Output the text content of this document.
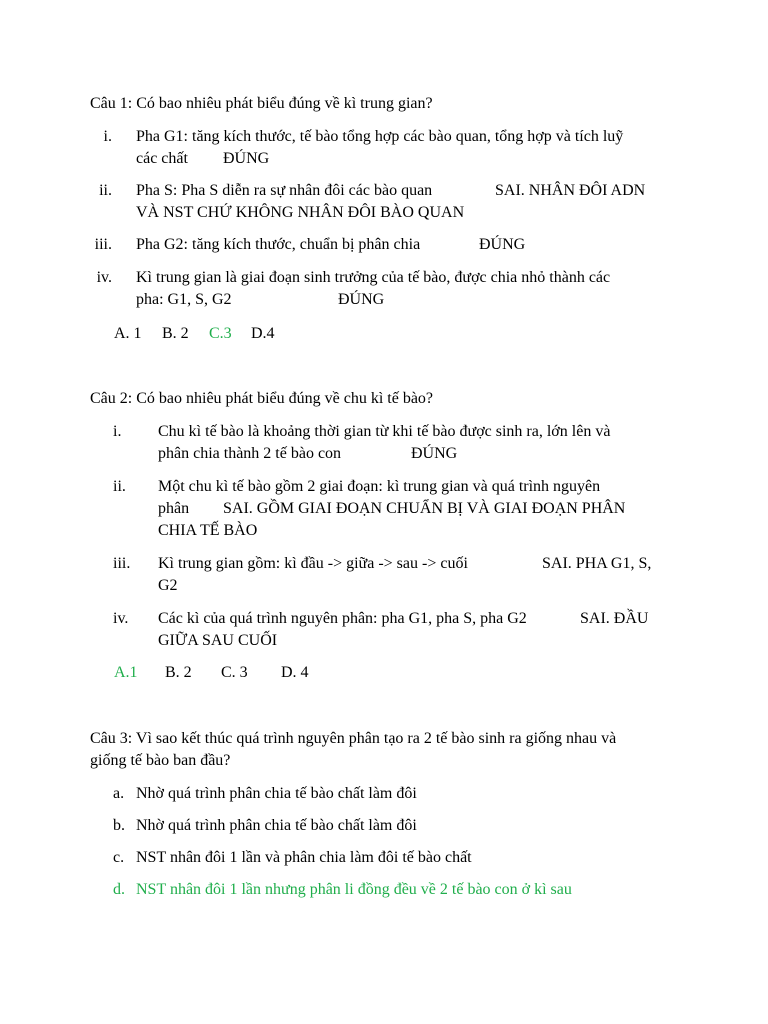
Câu 1: Có bao nhiêu phát biểu đúng về kì trung gian?
i. Pha G1: tăng kích thước, tế bào tổng hợp các bào quan, tổng hợp và tích luỹ
các chất ĐÚNG
ii. Pha S: Pha S diễn ra sự nhân đôi các bào quan	SAI. NHÂN ĐÔI ADN
VÀ NST CHỨ KHÔNG NHÂN ĐÔI BÀO QUAN
iii. Pha G2: tăng kích thước, chuẩn bị phân chia	ĐÚNG
iv. Kì trung gian là giai đoạn sinh trưởng của tế bào, được chia nhỏ thành các
pha: G1, S, G2	ĐÚNG
A. 1 B. 2 C.3 D.4
Câu 2: Có bao nhiêu phát biểu đúng về chu kì tế bào?
i. Chu kì tế bào là khoảng thời gian từ khi tế bào được sinh ra, lớn lên và
phân chia thành 2 tế bào con	ĐÚNG
ii. Một chu kì tế bào gồm 2 giai đoạn: kì trung gian và quá trình nguyên
phân SAI. GỒM GIAI ĐOẠN CHUẨN BỊ VÀ GIAI ĐOẠN PHÂN
CHIA TẾ BÀO
iii. Kì trung gian gồm: kì đầu -> giữa -> sau -> cuối	SAI. PHA G1, S,
G2
iv. Các kì của quá trình nguyên phân: pha G1, pha S, pha G2	SAI. ĐẦU
GIỮA SAU CUỐI
A.1 B. 2 C. 3 D. 4
Câu 3: Vì sao kết thúc quá trình nguyên phân tạo ra 2 tế bào sinh ra giống nhau và
giống tế bào ban đầu?
a. Nhờ quá trình phân chia tế bào chất làm đôi
b. Nhờ quá trình phân chia tế bào chất làm đôi
c. NST nhân đôi 1 lần và phân chia làm đôi tế bào chất
d. NST nhân đôi 1 lần nhưng phân li đồng đều về 2 tế bào con ở kì sau
